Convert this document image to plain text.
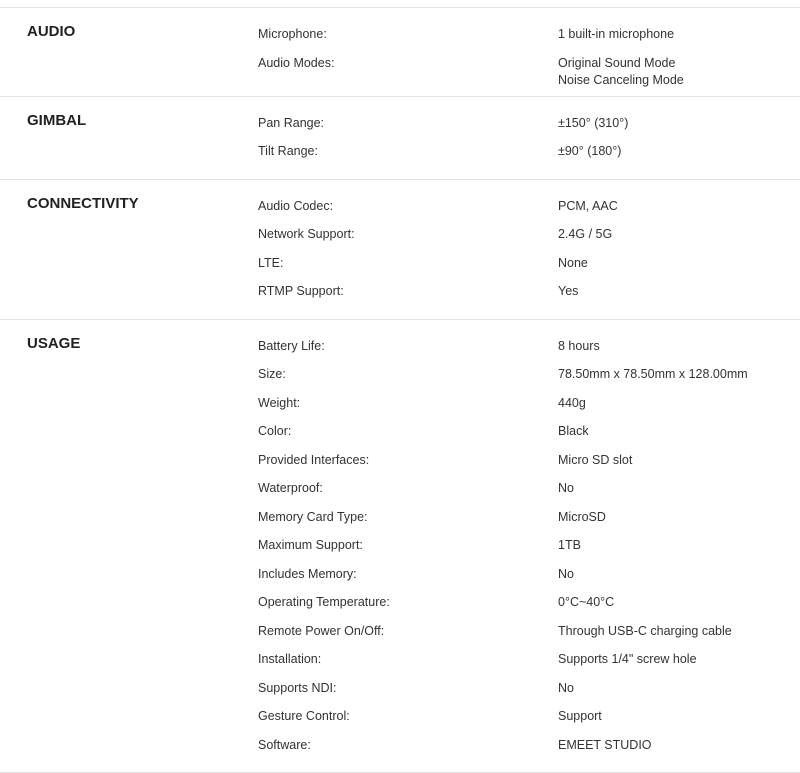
AUDIO	Microphone:	1 built-in microphone
Audio Modes:	Original Sound Mode
Noise Canceling Mode
GIMBAL	Pan Range:	±150° (310°)
Tilt Range:	±90° (180°)
CONNECTIVITY	Audio Codec:	PCM, AAC
Network Support:	2.4G / 5G
LTE:	None
RTMP Support:	Yes
USAGE	Battery Life:	8 hours
Size:	78.50mm x 78.50mm x 128.00mm
Weight:	440g
Color:	Black
Provided Interfaces:	Micro SD slot
Waterproof:	No
Memory Card Type:	MicroSD
Maximum Support:	1TB
Includes Memory:	No
Operating Temperature:	0°C~40°C
Remote Power On/Off:	Through USB-C charging cable
Installation:	Supports 1/4" screw hole
Supports NDI:	No
Gesture Control:	Support
Software:	EMEET STUDIO
